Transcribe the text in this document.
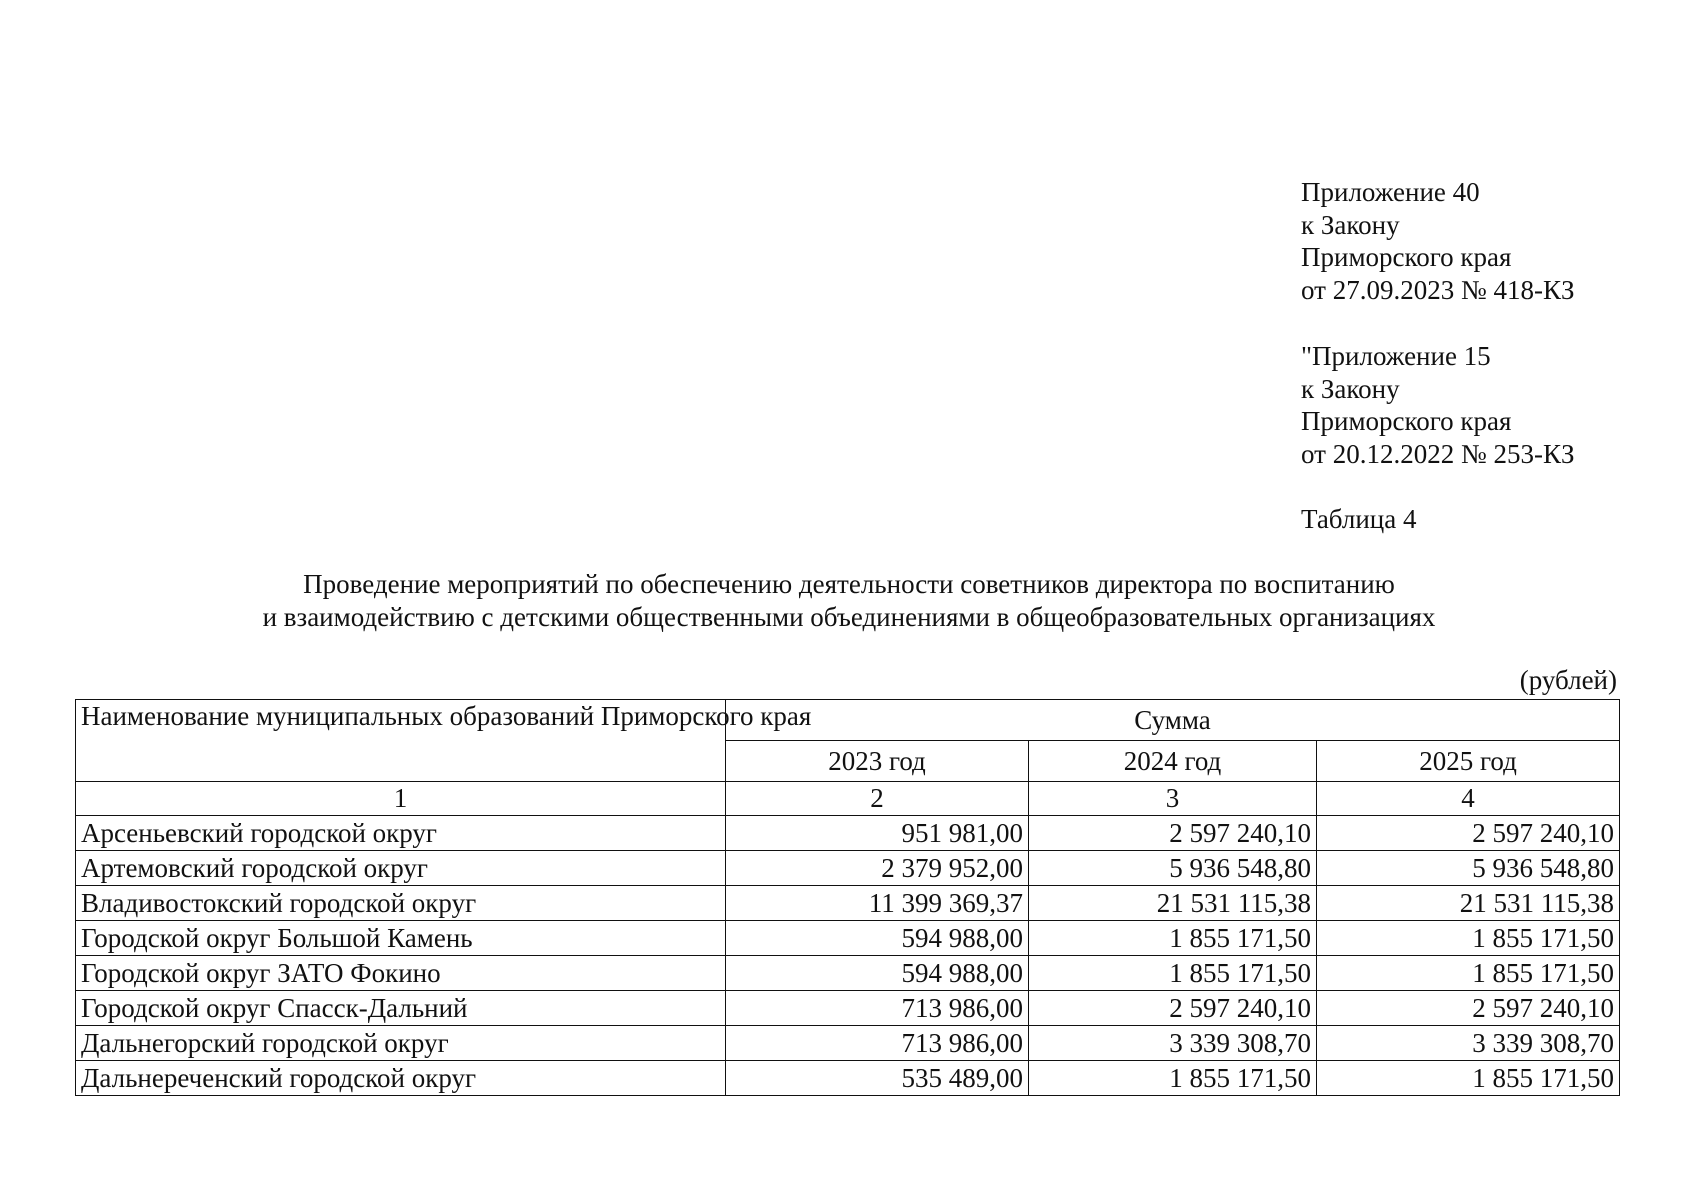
Приложение 40
к Закону
Приморского края
от 27.09.2023 № 418-КЗ
"Приложение 15
к Закону
Приморского края
от 20.12.2022 № 253-КЗ
Таблица 4
Проведение мероприятий по обеспечению деятельности советников директора по воспитанию
и взаимодействию с детскими общественными объединениями в общеобразовательных организациях
(рублей)
Наименование муниципальных образований Приморского края	Сумма		
	2023 год	2024 год	2025 год
1	2	3	4
Арсеньевский городской округ	951 981,00	2 597 240,10	2 597 240,10
Артемовский городской округ	2 379 952,00	5 936 548,80	5 936 548,80
Владивостокский городской округ	11 399 369,37	21 531 115,38	21 531 115,38
Городской округ Большой Камень	594 988,00	1 855 171,50	1 855 171,50
Городской округ ЗАТО Фокино	594 988,00	1 855 171,50	1 855 171,50
Городской округ Спасск-Дальний	713 986,00	2 597 240,10	2 597 240,10
Дальнегорский городской округ	713 986,00	3 339 308,70	3 339 308,70
Дальнереченский городской округ	535 489,00	1 855 171,50	1 855 171,50
